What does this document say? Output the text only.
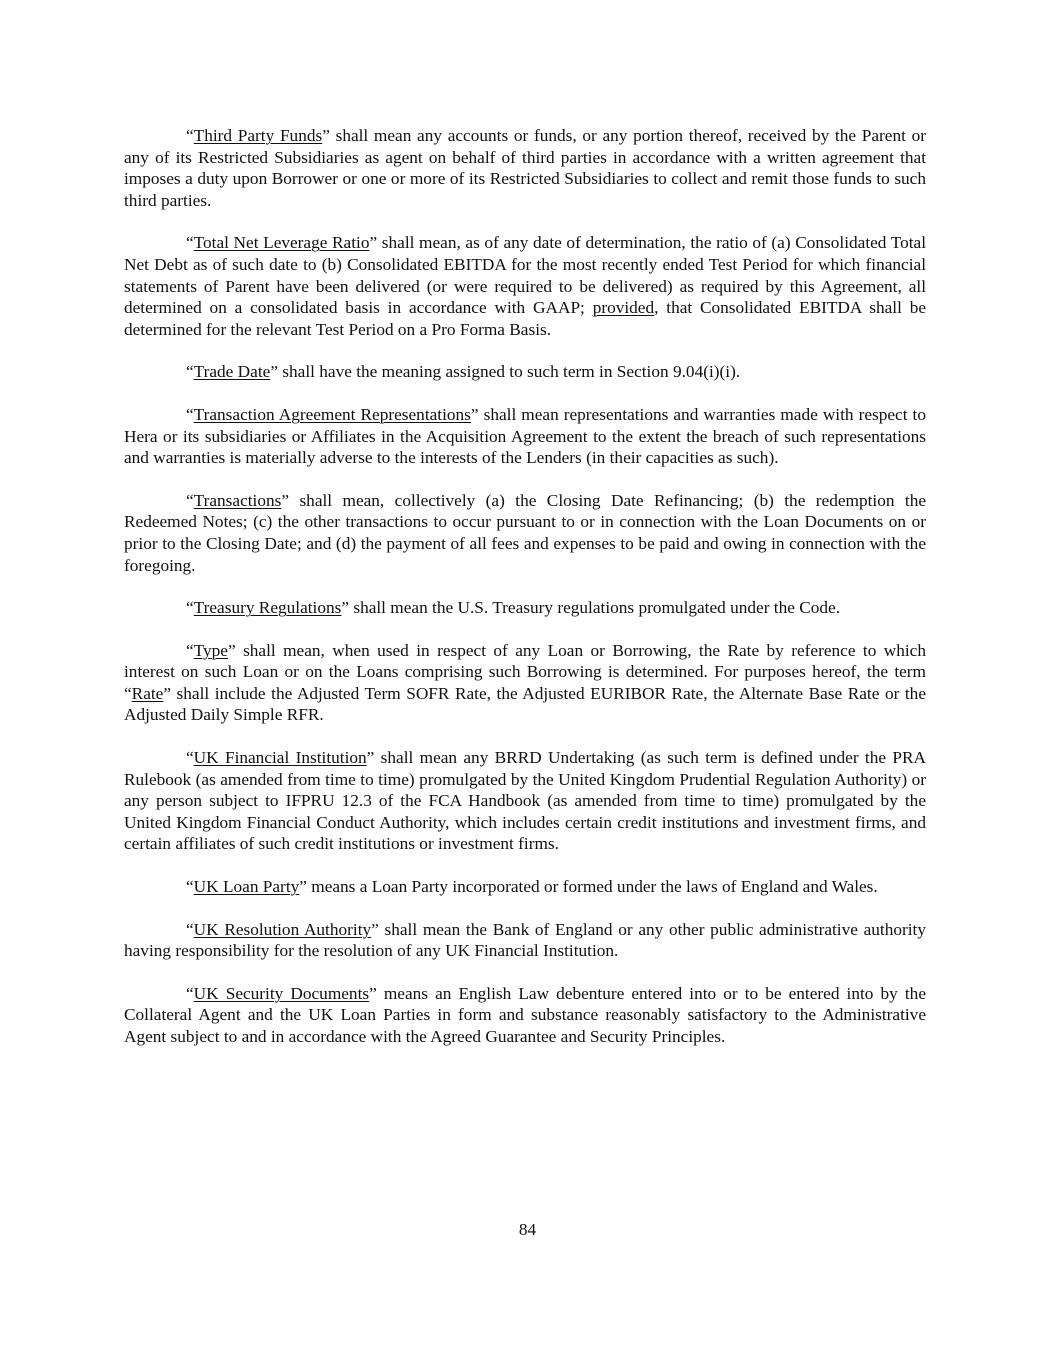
“Third Party Funds” shall mean any accounts or funds, or any portion thereof, received by the Parent or any of its Restricted Subsidiaries as agent on behalf of third parties in accordance with a written agreement that imposes a duty upon Borrower or one or more of its Restricted Subsidiaries to collect and remit those funds to such third parties.

“Total Net Leverage Ratio” shall mean, as of any date of determination, the ratio of (a) Consolidated Total Net Debt as of such date to (b) Consolidated EBITDA for the most recently ended Test Period for which financial statements of Parent have been delivered (or were required to be delivered) as required by this Agreement, all determined on a consolidated basis in accordance with GAAP; provided, that Consolidated EBITDA shall be determined for the relevant Test Period on a Pro Forma Basis.

“Trade Date” shall have the meaning assigned to such term in Section 9.04(i)(i).

“Transaction Agreement Representations” shall mean representations and warranties made with respect to Hera or its subsidiaries or Affiliates in the Acquisition Agreement to the extent the breach of such representations and warranties is materially adverse to the interests of the Lenders (in their capacities as such).

“Transactions” shall mean, collectively (a) the Closing Date Refinancing; (b) the redemption the Redeemed Notes; (c) the other transactions to occur pursuant to or in connection with the Loan Documents on or prior to the Closing Date; and (d) the payment of all fees and expenses to be paid and owing in connection with the foregoing.

“Treasury Regulations” shall mean the U.S. Treasury regulations promulgated under the Code.

“Type” shall mean, when used in respect of any Loan or Borrowing, the Rate by reference to which interest on such Loan or on the Loans comprising such Borrowing is determined. For purposes hereof, the term “Rate” shall include the Adjusted Term SOFR Rate, the Adjusted EURIBOR Rate, the Alternate Base Rate or the Adjusted Daily Simple RFR.

“UK Financial Institution” shall mean any BRRD Undertaking (as such term is defined under the PRA Rulebook (as amended from time to time) promulgated by the United Kingdom Prudential Regulation Authority) or any person subject to IFPRU 12.3 of the FCA Handbook (as amended from time to time) promulgated by the United Kingdom Financial Conduct Authority, which includes certain credit institutions and investment firms, and certain affiliates of such credit institutions or investment firms.

“UK Loan Party” means a Loan Party incorporated or formed under the laws of England and Wales.

“UK Resolution Authority” shall mean the Bank of England or any other public administrative authority having responsibility for the resolution of any UK Financial Institution.

“UK Security Documents” means an English Law debenture entered into or to be entered into by the Collateral Agent and the UK Loan Parties in form and substance reasonably satisfactory to the Administrative Agent subject to and in accordance with the Agreed Guarantee and Security Principles.

84
